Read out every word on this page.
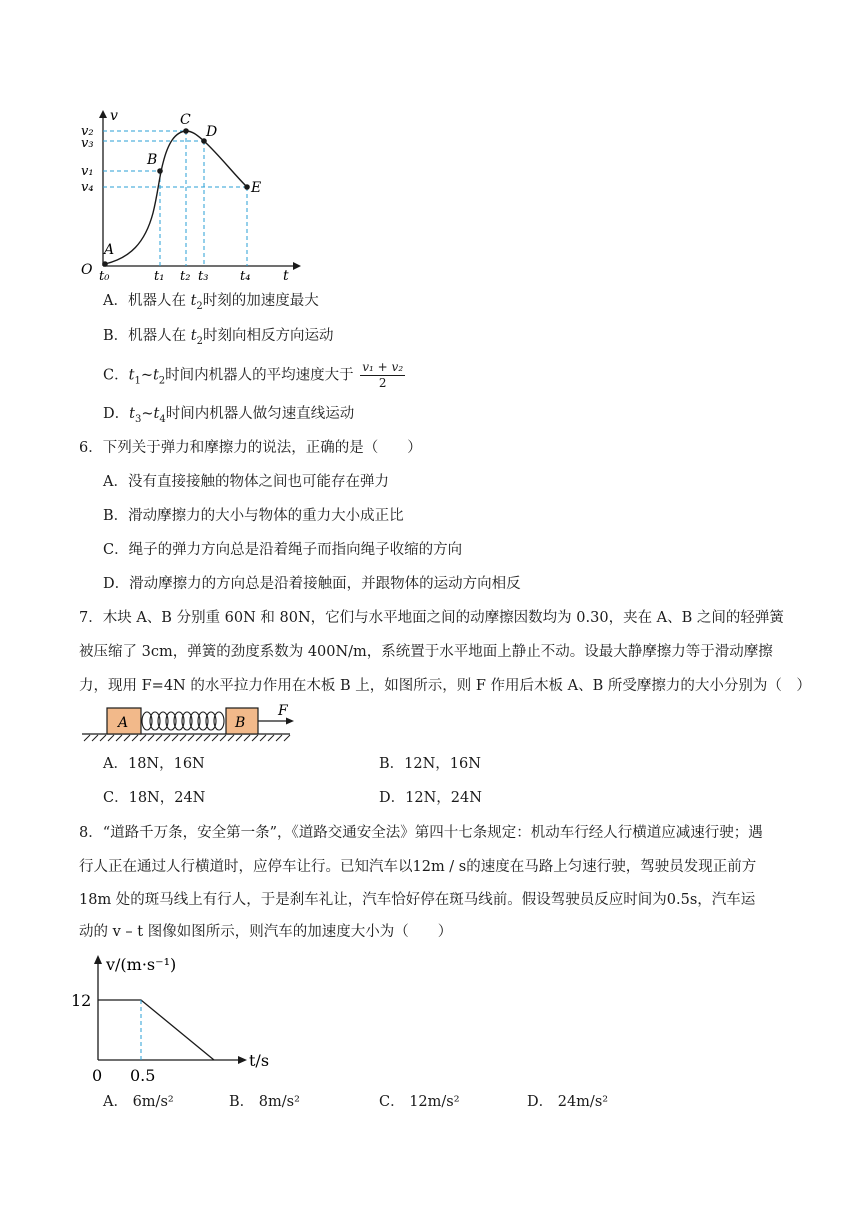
A
B
C
D
E
v
t
O
v₂
v₃
v₁
v₄
t₀	t₁ t₂ t₃ t₄
A．机器人在 $t_2$时刻的加速度最大
B．机器人在 $t_2$时刻向相反方向运动
C．$t_1\sim t_2$时间内机器人的平均速度大于 $\frac{\text{v₁ + v₂}}{2}$
D．$t_3\sim t_4$时间内机器人做匀速直线运动
6．下列关于弹力和摩擦力的说法，正确的是（　　）
A．没有直接接触的物体之间也可能存在弹力
B．滑动摩擦力的大小与物体的重力大小成正比
C．绳子的弹力方向总是沿着绳子而指向绳子收缩的方向
D．滑动摩擦力的方向总是沿着接触面，并跟物体的运动方向相反
7．木块 A、B 分别重 60N 和 80N，它们与水平地面之间的动摩擦因数均为 0.30，夹在 A、B 之间的轻弹簧
被压缩了 3cm，弹簧的劲度系数为 400N/m，系统置于水平地面上静止不动。设最大静摩擦力等于滑动摩擦
力，现用 F=4N 的水平拉力作用在木板 B 上，如图所示，则 F 作用后木板 A、B 所受摩擦力的大小分别为（　）
A	B
F
A．18N，16N	B．12N，16N
C．18N，24N	D．12N，24N
8．“道路千万条，安全第一条”，《道路交通安全法》第四十七条规定：机动车行经人行横道应减速行驶；遇
行人正在通过人行横道时，应停车让行。已知汽车以12m / s的速度在马路上匀速行驶，驾驶员发现正前方
18m 处的斑马线上有行人，于是刹车礼让，汽车恰好停在斑马线前。假设驾驶员反应时间为0.5s，汽车运
动的 v – t 图像如图所示，则汽车的加速度大小为（　　）
v/(m·s⁻¹)
t/s
12
0.5
0
A． 6m/s²	B． 8m/s²	C． 12m/s²	D． 24m/s²
